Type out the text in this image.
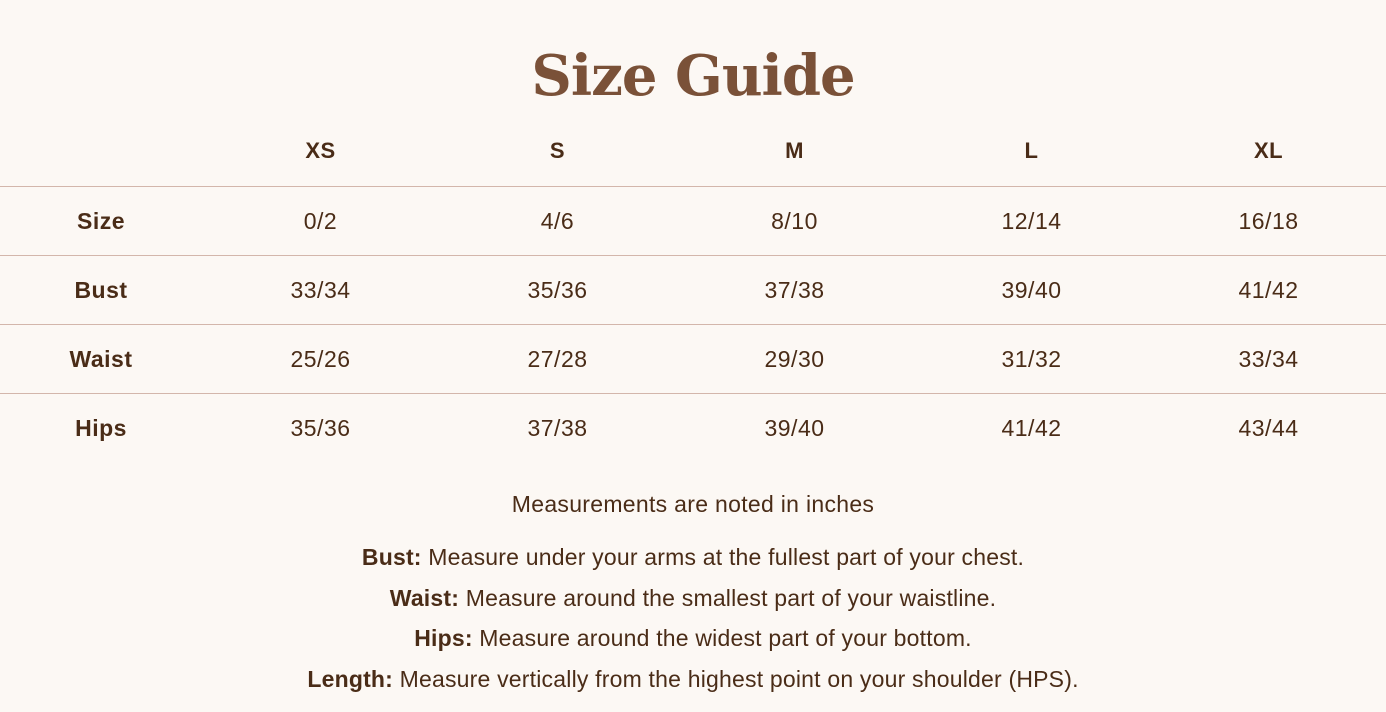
Size Guide
	XS	S	M	L	XL
Size	0/2	4/6	8/10	12/14	16/18
Bust	33/34	35/36	37/38	39/40	41/42
Waist	25/26	27/28	29/30	31/32	33/34
Hips	35/36	37/38	39/40	41/42	43/44

Measurements are noted in inches

Bust: Measure under your arms at the fullest part of your chest.
Waist: Measure around the smallest part of your waistline.
Hips: Measure around the widest part of your bottom.
Length: Measure vertically from the highest point on your shoulder (HPS).
